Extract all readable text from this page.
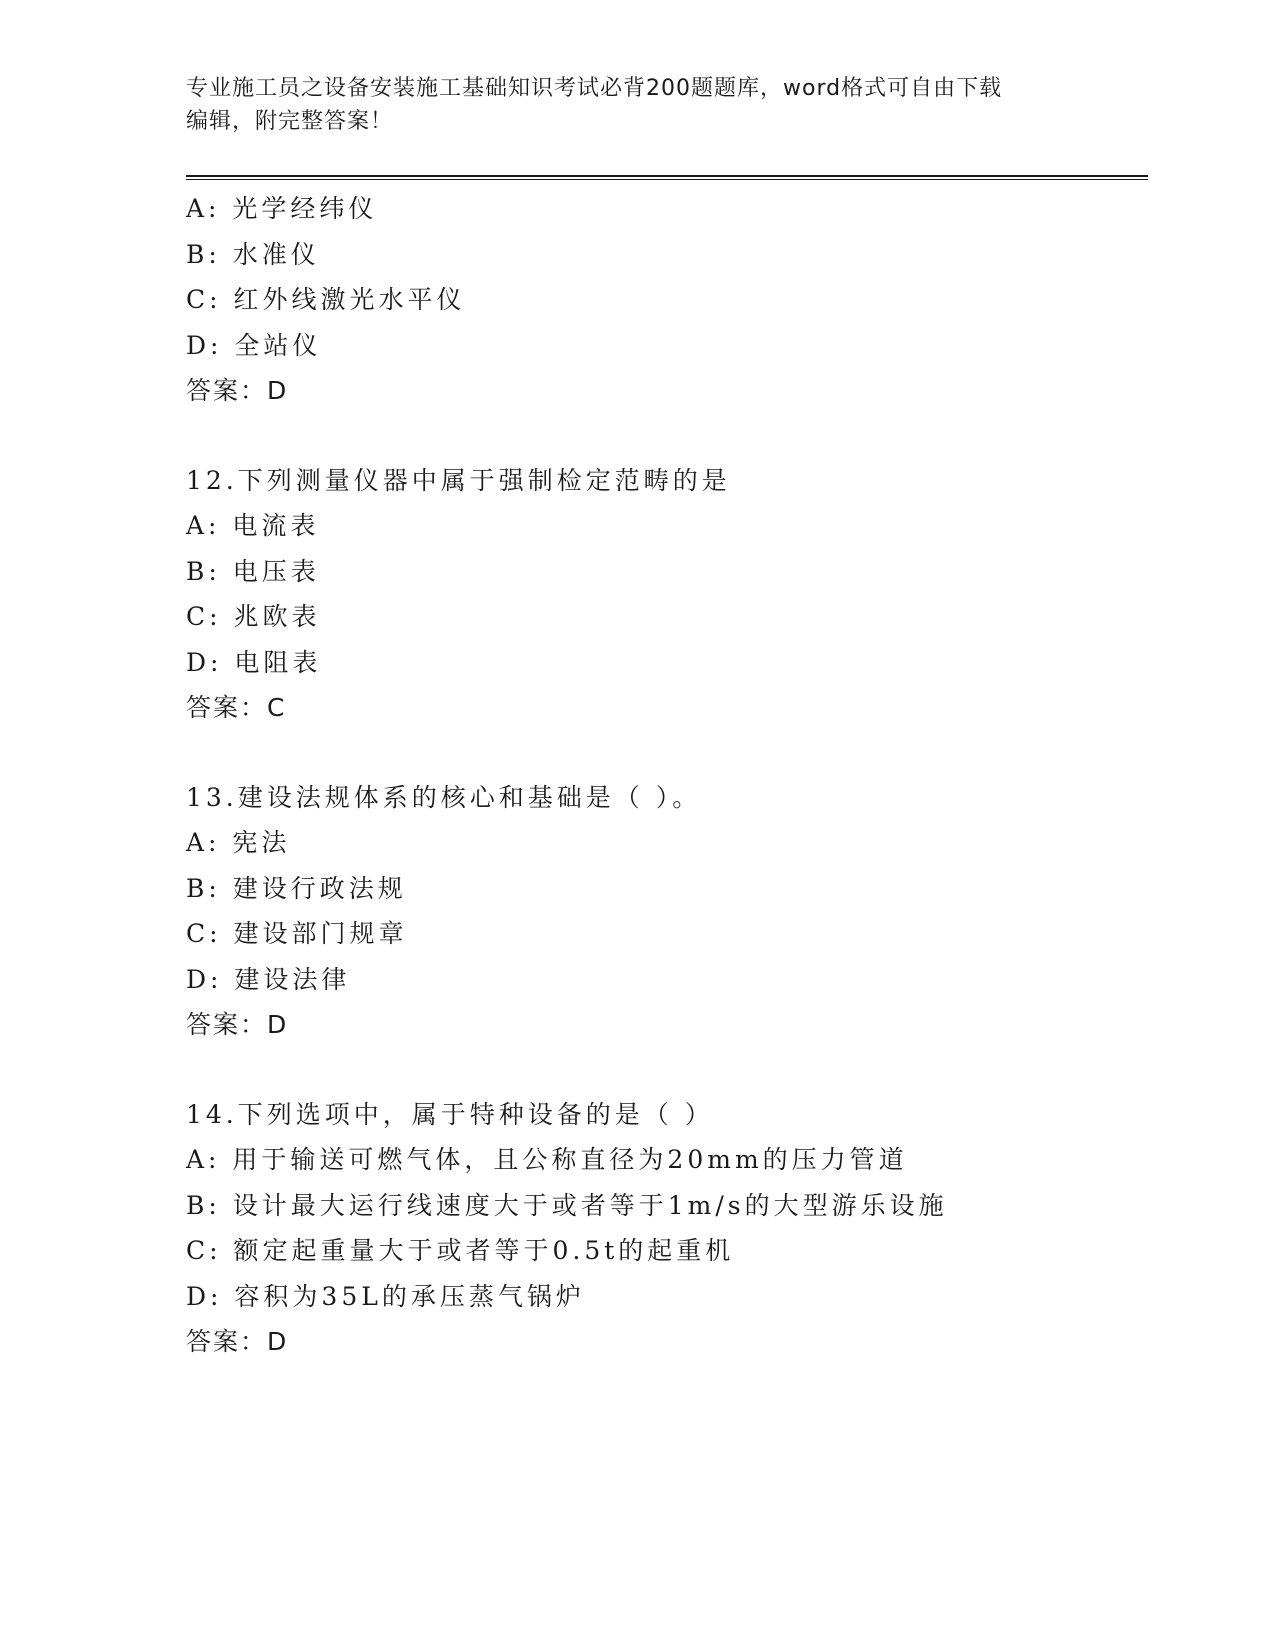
专业施工员之设备安装施工基础知识考试必背200题题库，word格式可自由下载
编辑，附完整答案！
A: 光学经纬仪
B: 水准仪
C: 红外线激光水平仪
D: 全站仪
答案：D
12.下列测量仪器中属于强制检定范畴的是
A: 电流表
B: 电压表
C: 兆欧表
D: 电阻表
答案：C
13.建设法规体系的核心和基础是（ ）。
A: 宪法
B: 建设行政法规
C: 建设部门规章
D: 建设法律
答案：D
14.下列选项中，属于特种设备的是（ ）
A: 用于输送可燃气体，且公称直径为20mm的压力管道
B: 设计最大运行线速度大于或者等于1m/s的大型游乐设施
C: 额定起重量大于或者等于0.5t的起重机
D: 容积为35L的承压蒸气锅炉
答案：D
